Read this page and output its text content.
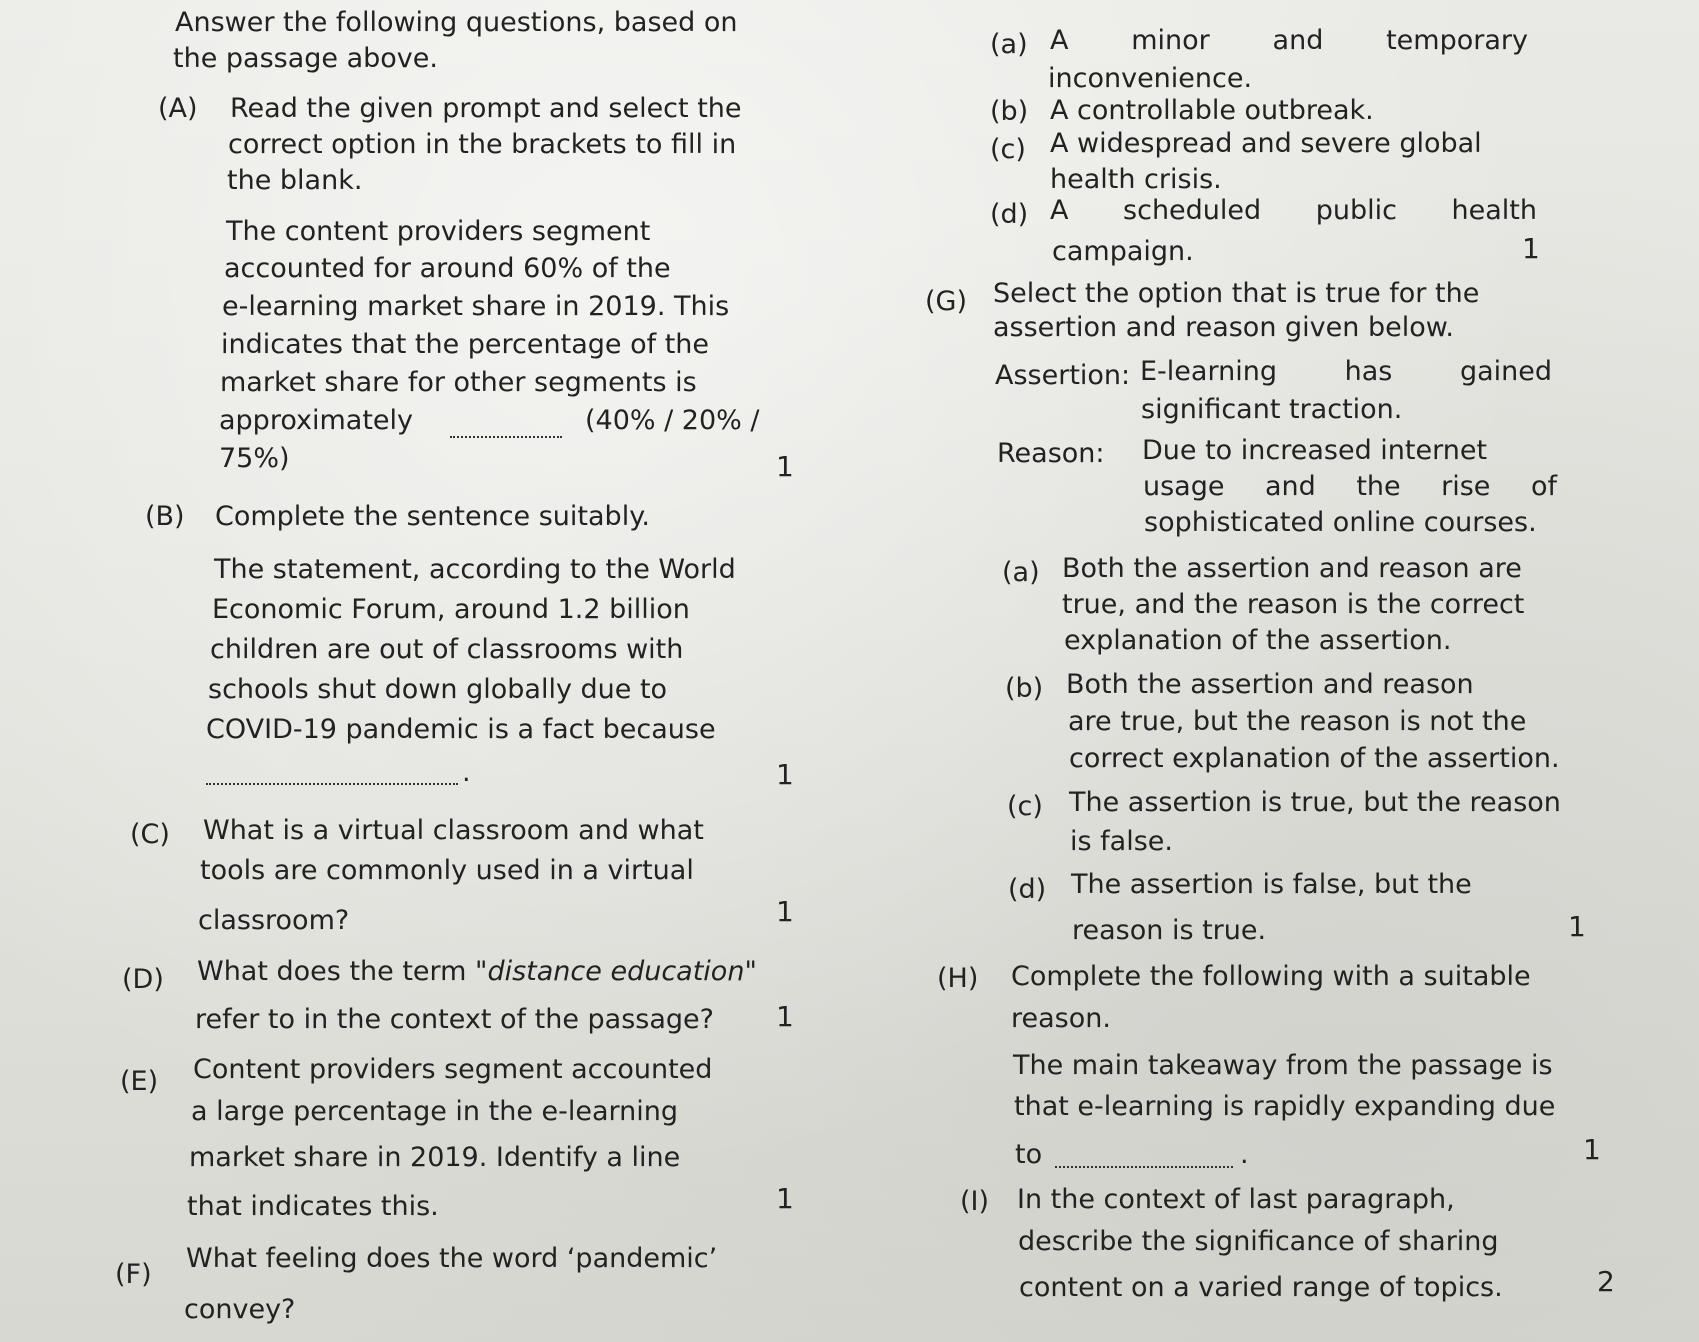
Answer the following questions, based on
the passage above.
(A) Read the given prompt and select the
correct option in the brackets to fill in
the blank.
The content providers segment
accounted for around 60% of the
e-learning market share in 2019. This
indicates that the percentage of the
market share for other segments is
approximately	(40% / 20% /
75%)	1
(B) Complete the sentence suitably.
The statement, according to the World
Economic Forum, around 1.2 billion
children are out of classrooms with
schools shut down globally due to
COVID-19 pandemic is a fact because
.	1
(C) What is a virtual classroom and what
tools are commonly used in a virtual
classroom?	1
(D) What does the term "distance education"
refer to in the context of the passage? 1
(E) Content providers segment accounted
a large percentage in the e-learning
market share in 2019. Identify a line
that indicates this.	1
(F)
What feeling does the word ‘pandemic’
convey?
(a) A minor and temporary
inconvenience.
(b) A controllable outbreak.
(c) A widespread and severe global
health crisis.
(d) A scheduled public health
campaign.	1
(G) Select the option that is true for the
assertion and reason given below.
Assertion: E-learning	has	gained
significant traction.
Reason: Due to increased internet
usage and the rise of
sophisticated online courses.
(a) Both the assertion and reason are
true, and the reason is the correct
explanation of the assertion.
(b) Both the assertion and reason
are true, but the reason is not the
correct explanation of the assertion.
(c) The assertion is true, but the reason
is false.
(d) The assertion is false, but the
reason is true.	1
(H) Complete the following with a suitable
reason.
The main takeaway from the passage is
that e-learning is rapidly expanding due
to	.	1
(I) In the context of last paragraph,
describe the significance of sharing
content on a varied range of topics.	2
